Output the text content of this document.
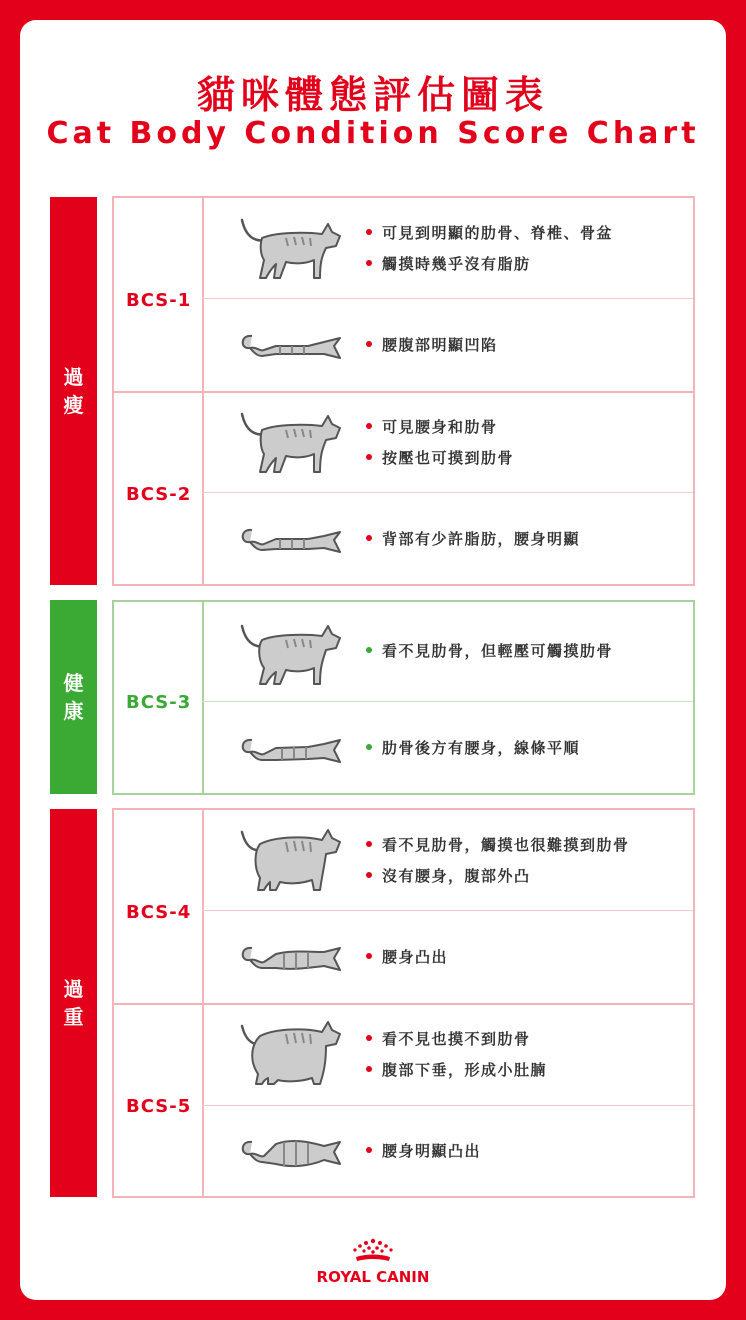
貓咪體態評估圖表
Cat Body Condition Score Chart
過瘦
健康
過重
BCS-1
可見到明顯的肋骨、脊椎、骨盆
觸摸時幾乎沒有脂肪
腰腹部明顯凹陷
BCS-2
可見腰身和肋骨
按壓也可摸到肋骨
背部有少許脂肪，腰身明顯
BCS-3
看不見肋骨，但輕壓可觸摸肋骨
肋骨後方有腰身，線條平順
BCS-4
看不見肋骨，觸摸也很難摸到肋骨
沒有腰身，腹部外凸
腰身凸出
BCS-5
看不見也摸不到肋骨
腹部下垂，形成小肚腩
腰身明顯凸出
ROYAL CANIN
